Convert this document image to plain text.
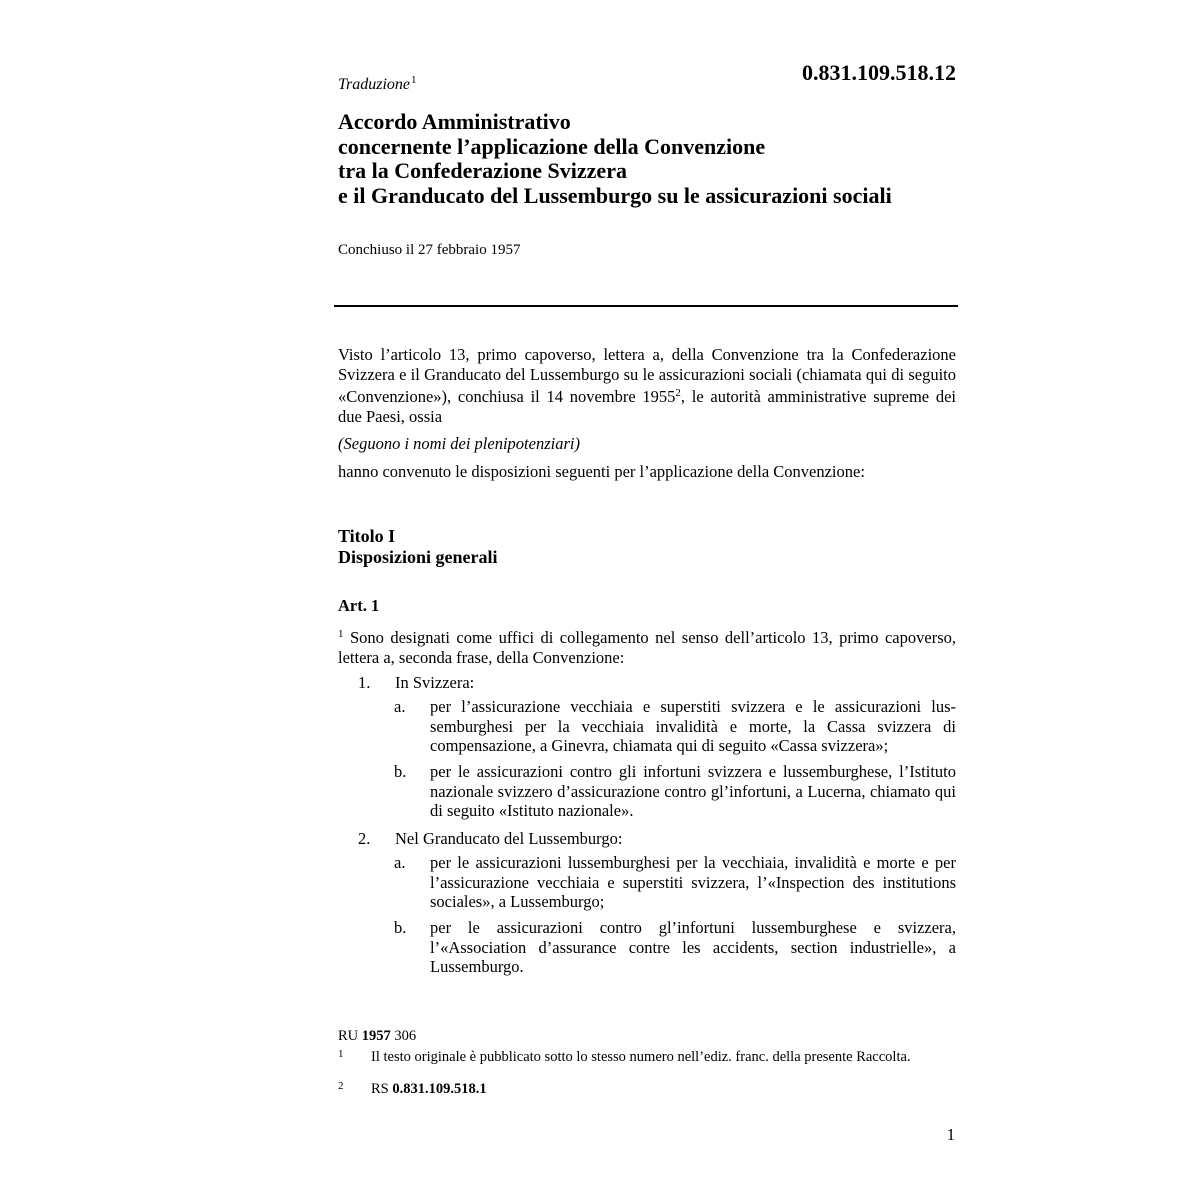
Traduzione$^1$	0.831.109.518.12
Accordo Amministrativo
concernente l’applicazione della Convenzione
tra la Confederazione Svizzera
e il Granducato del Lussemburgo su le assicurazioni sociali
Conchiuso il 27 febbraio 1957
Visto l’articolo 13, primo capoverso, lettera a, della Convenzione tra la Confederazione Svizzera e il Granducato del Lussemburgo su le assicurazioni sociali (chiamata qui di seguito «Convenzione»), conchiusa il 14 novembre 1955$^2$, le autorità amministrative supreme dei due Paesi, ossia
(Seguono i nomi dei plenipotenziari)
hanno convenuto le disposizioni seguenti per l’applicazione della Convenzione:
Titolo I
Disposizioni generali
Art. 1
$^1$ Sono designati come uffici di collegamento nel senso dell’articolo 13, primo capoverso, lettera a, seconda frase, della Convenzione:
1. In Svizzera:
a. per l’assicurazione vecchiaia e superstiti svizzera e le assicurazioni lussemburghesi per la vecchiaia invalidità e morte, la Cassa svizzera di compensazione, a Ginevra, chiamata qui di seguito «Cassa svizzera»;
b. per le assicurazioni contro gli infortuni svizzera e lussemburghese, l’Istituto nazionale svizzero d’assicurazione contro gl’infortuni, a Lucerna, chiamato qui di seguito «Istituto nazionale».
2. Nel Granducato del Lussemburgo:
a. per le assicurazioni lussemburghesi per la vecchiaia, invalidità e morte e per l’assicurazione vecchiaia e superstiti svizzera, l’«Inspection des institutions sociales», a Lussemburgo;
b. per le assicurazioni contro gl’infortuni lussemburghese e svizzera, l’«Association d’assurance contre les accidents, section industrielle», a Lussemburgo.
RU 1957 306
1 Il testo originale è pubblicato sotto lo stesso numero nell’ediz. franc. della presente Raccolta.
2 RS 0.831.109.518.1
1
